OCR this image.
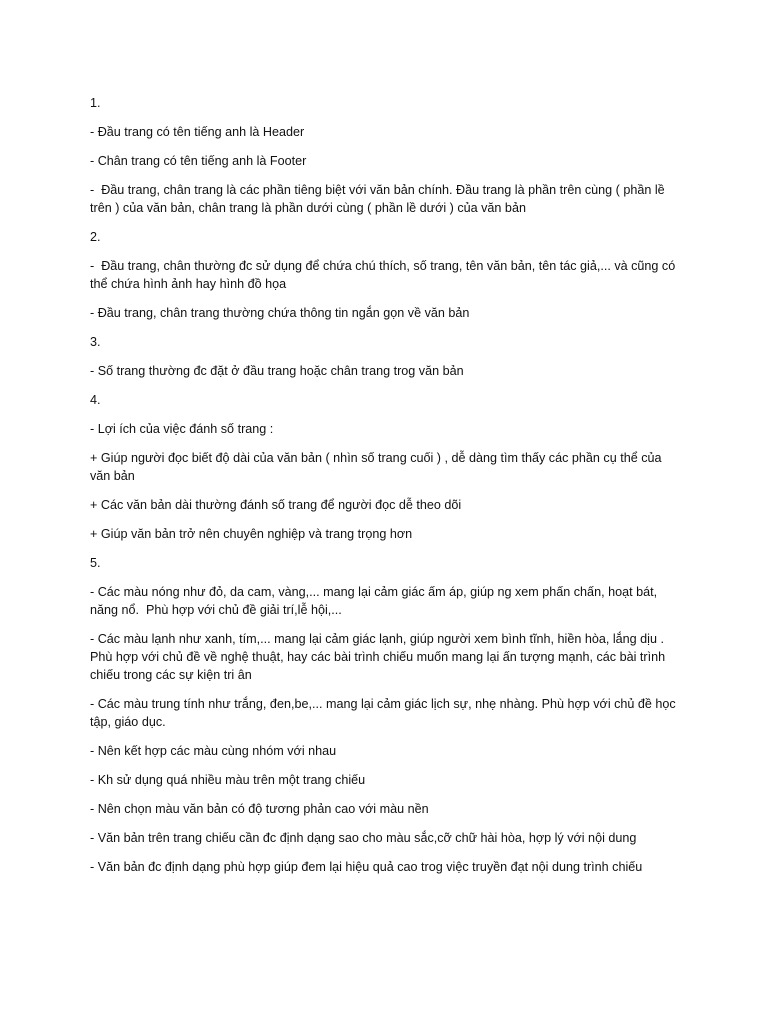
1.

- Đầu trang có tên tiếng anh là Header

- Chân trang có tên tiếng anh là Footer

-  Đầu trang, chân trang là các phần tiêng biệt với văn bản chính. Đầu trang là phần trên cùng ( phần lề trên ) của văn bản, chân trang là phần dưới cùng ( phần lề dưới ) của văn bản

2.

-  Đầu trang, chân thường đc sử dụng để chứa chú thích, số trang, tên văn bản, tên tác giả,... và cũng có thể chứa hình ảnh hay hình đồ họa

- Đầu trang, chân trang thường chứa thông tin ngắn gọn về văn bản

3.

- Số trang thường đc đặt ở đầu trang hoặc chân trang trog văn bản

4.

- Lợi ích của việc đánh số trang :

+ Giúp người đọc biết độ dài của văn bản ( nhìn số trang cuối ) , dễ dàng tìm thấy các phần cụ thể của văn bản

+ Các văn bản dài thường đánh số trang để người đọc dễ theo dõi

+ Giúp văn bản trở nên chuyên nghiệp và trang trọng hơn

5.

- Các màu nóng như đỏ, da cam, vàng,... mang lại cảm giác ấm áp, giúp ng xem phấn chấn, hoạt bát, năng nổ.  Phù hợp với chủ đề giải trí,lễ hội,...

- Các màu lạnh như xanh, tím,... mang lại cảm giác lạnh, giúp người xem bình tĩnh, hiền hòa, lắng dịu . Phù hợp với chủ đề về nghệ thuật, hay các bài trình chiếu muốn mang lại ấn tượng mạnh, các bài trình chiếu trong các sự kiện tri ân

- Các màu trung tính như trắng, đen,be,... mang lại cảm giác lịch sự, nhẹ nhàng. Phù hợp với chủ đề học tập, giáo dục.

- Nên kết hợp các màu cùng nhóm với nhau

- Kh sử dụng quá nhiều màu trên một trang chiếu

- Nên chọn màu văn bản có độ tương phản cao với màu nền

- Văn bản trên trang chiếu cần đc định dạng sao cho màu sắc,cỡ chữ hài hòa, hợp lý với nội dung

- Văn bản đc định dạng phù hợp giúp đem lại hiệu quả cao trog việc truyền đạt nội dung trình chiếu
